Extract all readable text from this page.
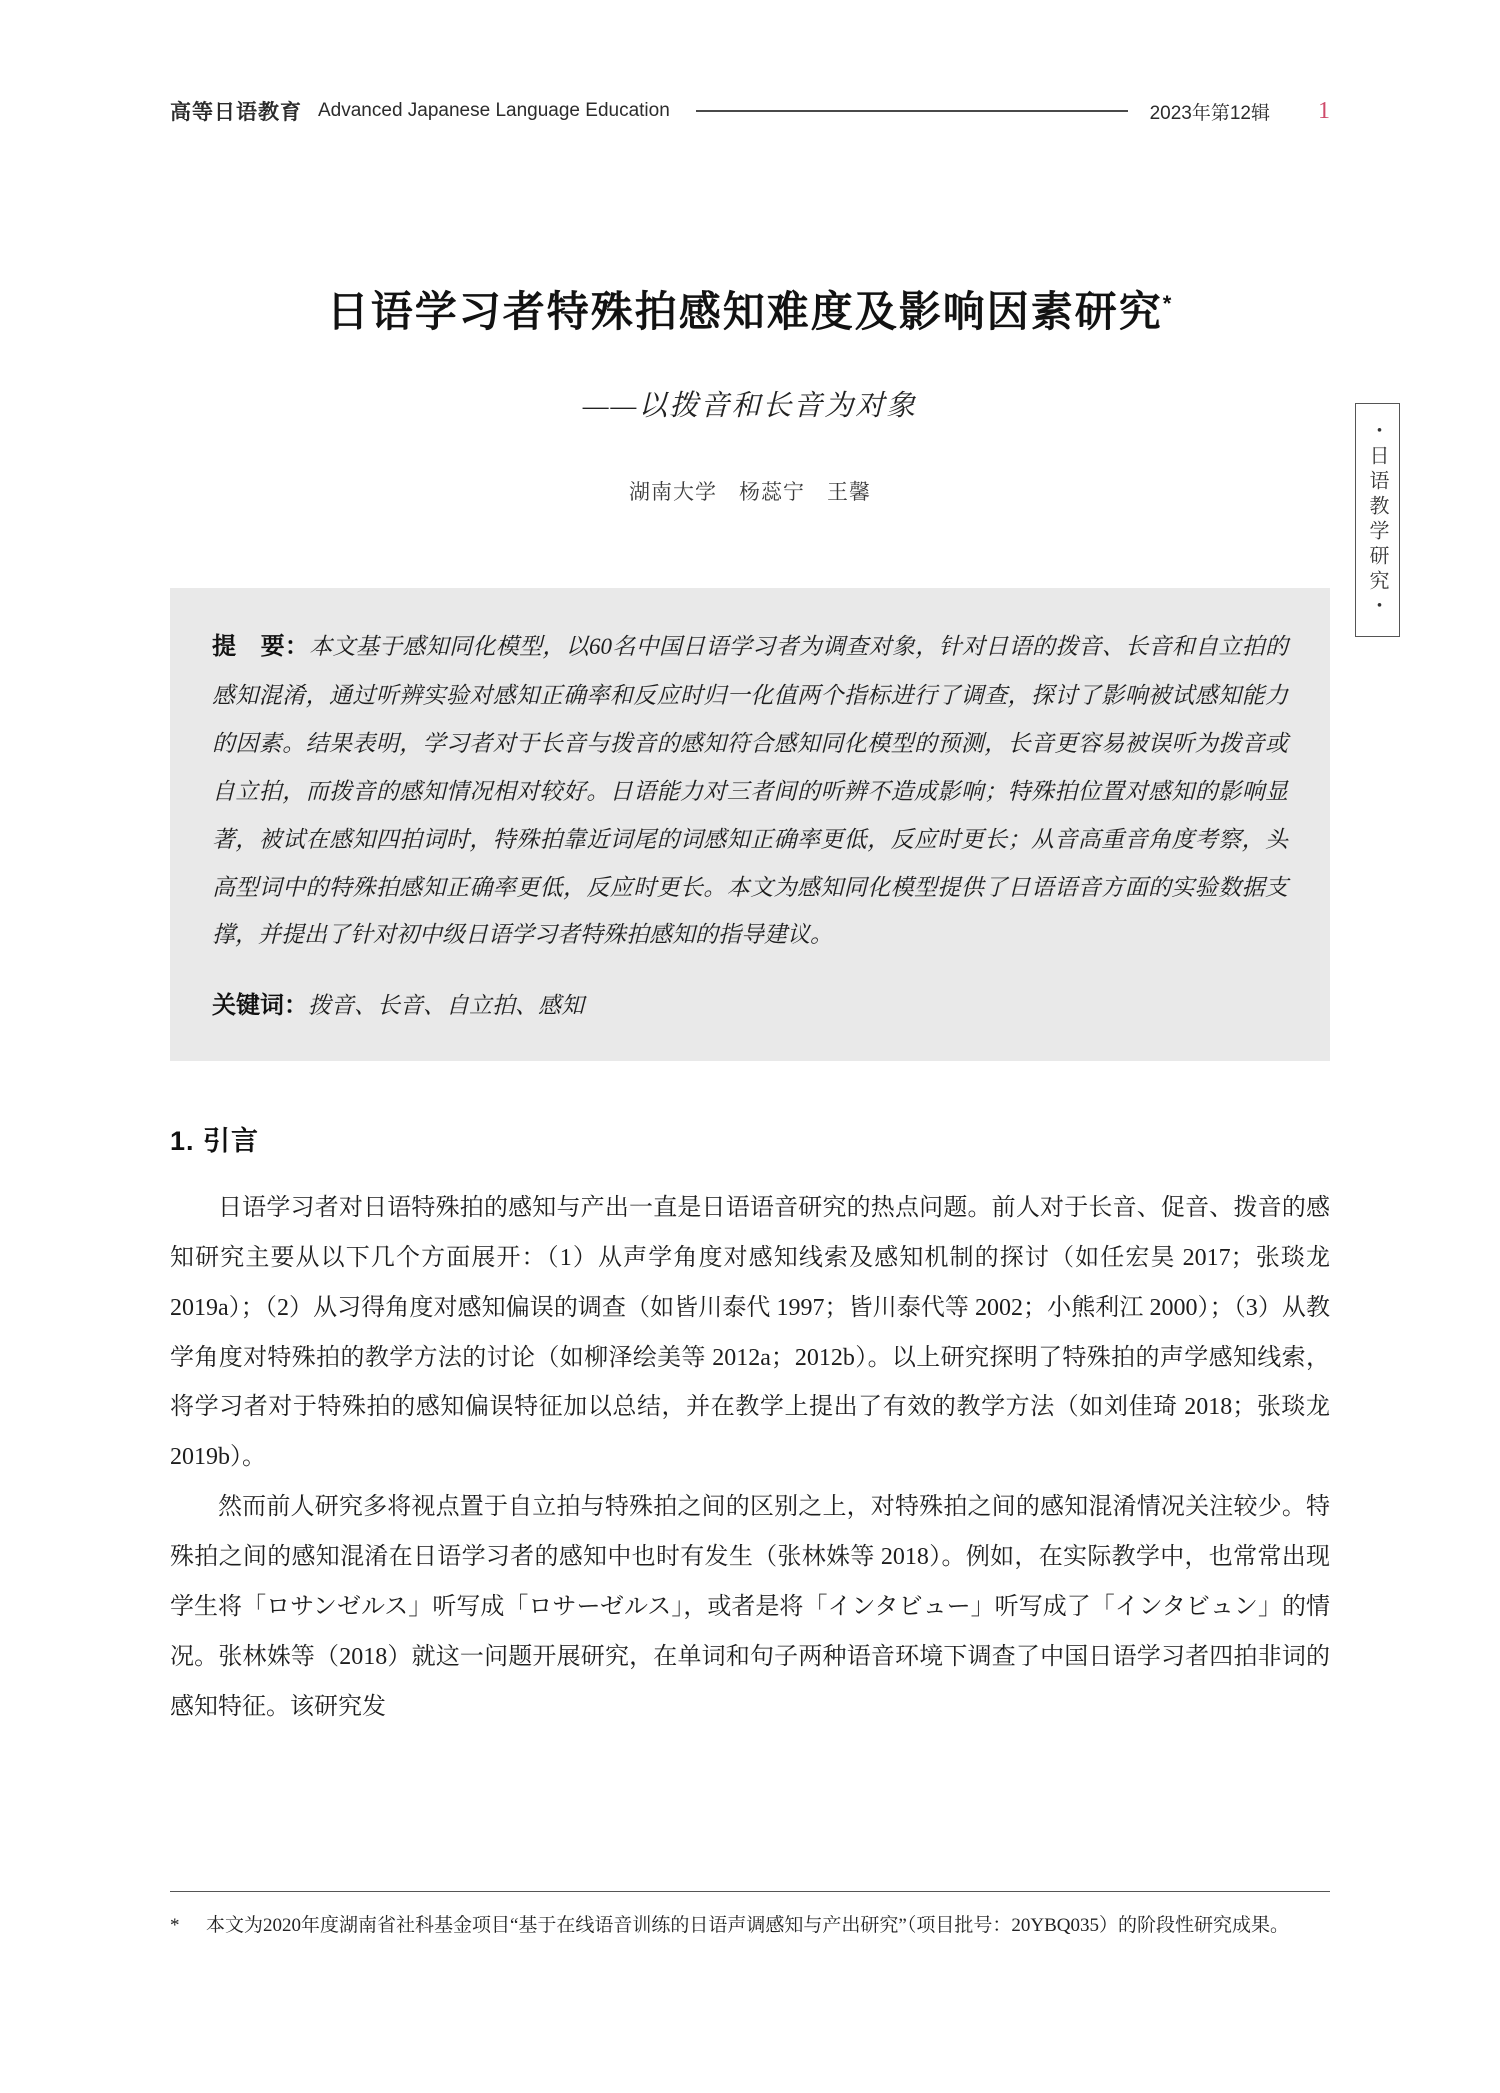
高等日语教育 Advanced Japanese Language Education	2023年第12辑 1
日语学习者特殊拍感知难度及影响因素研究*
——以拨音和长音为对象
湖南大学　杨蕊宁　王馨	・日语教学研究・

提　要：本文基于感知同化模型，以60名中国日语学习者为调查对象，针对日语的拨音、长音和自立拍的感知混淆，通过听辨实验对感知正确率和反应时归一化值两个指标进行了调查，探讨了影响被试感知能力的因素。结果表明，学习者对于长音与拨音的感知符合感知同化模型的预测，长音更容易被误听为拨音或自立拍，而拨音的感知情况相对较好。日语能力对三者间的听辨不造成影响；特殊拍位置对感知的影响显著，被试在感知四拍词时，特殊拍靠近词尾的词感知正确率更低，反应时更长；从音高重音角度考察，头高型词中的特殊拍感知正确率更低，反应时更长。本文为感知同化模型提供了日语语音方面的实验数据支撑，并提出了针对初中级日语学习者特殊拍感知的指导建议。

关键词：拨音、长音、自立拍、感知

1. 引言

日语学习者对日语特殊拍的感知与产出一直是日语语音研究的热点问题。前人对于长音、促音、拨音的感知研究主要从以下几个方面展开：（1）从声学角度对感知线索及感知机制的探讨（如任宏昊 2017；张琰龙 2019a）；（2）从习得角度对感知偏误的调查（如皆川泰代 1997；皆川泰代等 2002；小熊利江 2000）；（3）从教学角度对特殊拍的教学方法的讨论（如柳泽绘美等 2012a；2012b）。以上研究探明了特殊拍的声学感知线索，将学习者对于特殊拍的感知偏误特征加以总结，并在教学上提出了有效的教学方法（如刘佳琦 2018；张琰龙 2019b）。

然而前人研究多将视点置于自立拍与特殊拍之间的区别之上，对特殊拍之间的感知混淆情况关注较少。特殊拍之间的感知混淆在日语学习者的感知中也时有发生（张林姝等 2018）。例如，在实际教学中，也常常出现学生将「ロサンゼルス」听写成「ロサーゼルス」，或者是将「インタビュー」听写成了「インタビュン」的情况。张林姝等（2018）就这一问题开展研究，在单词和句子两种语音环境下调查了中国日语学习者四拍非词的感知特征。该研究发

*	本文为2020年度湖南省社科基金项目“基于在线语音训练的日语声调感知与产出研究”（项目批号：20YBQ035）的阶段性研究成果。
